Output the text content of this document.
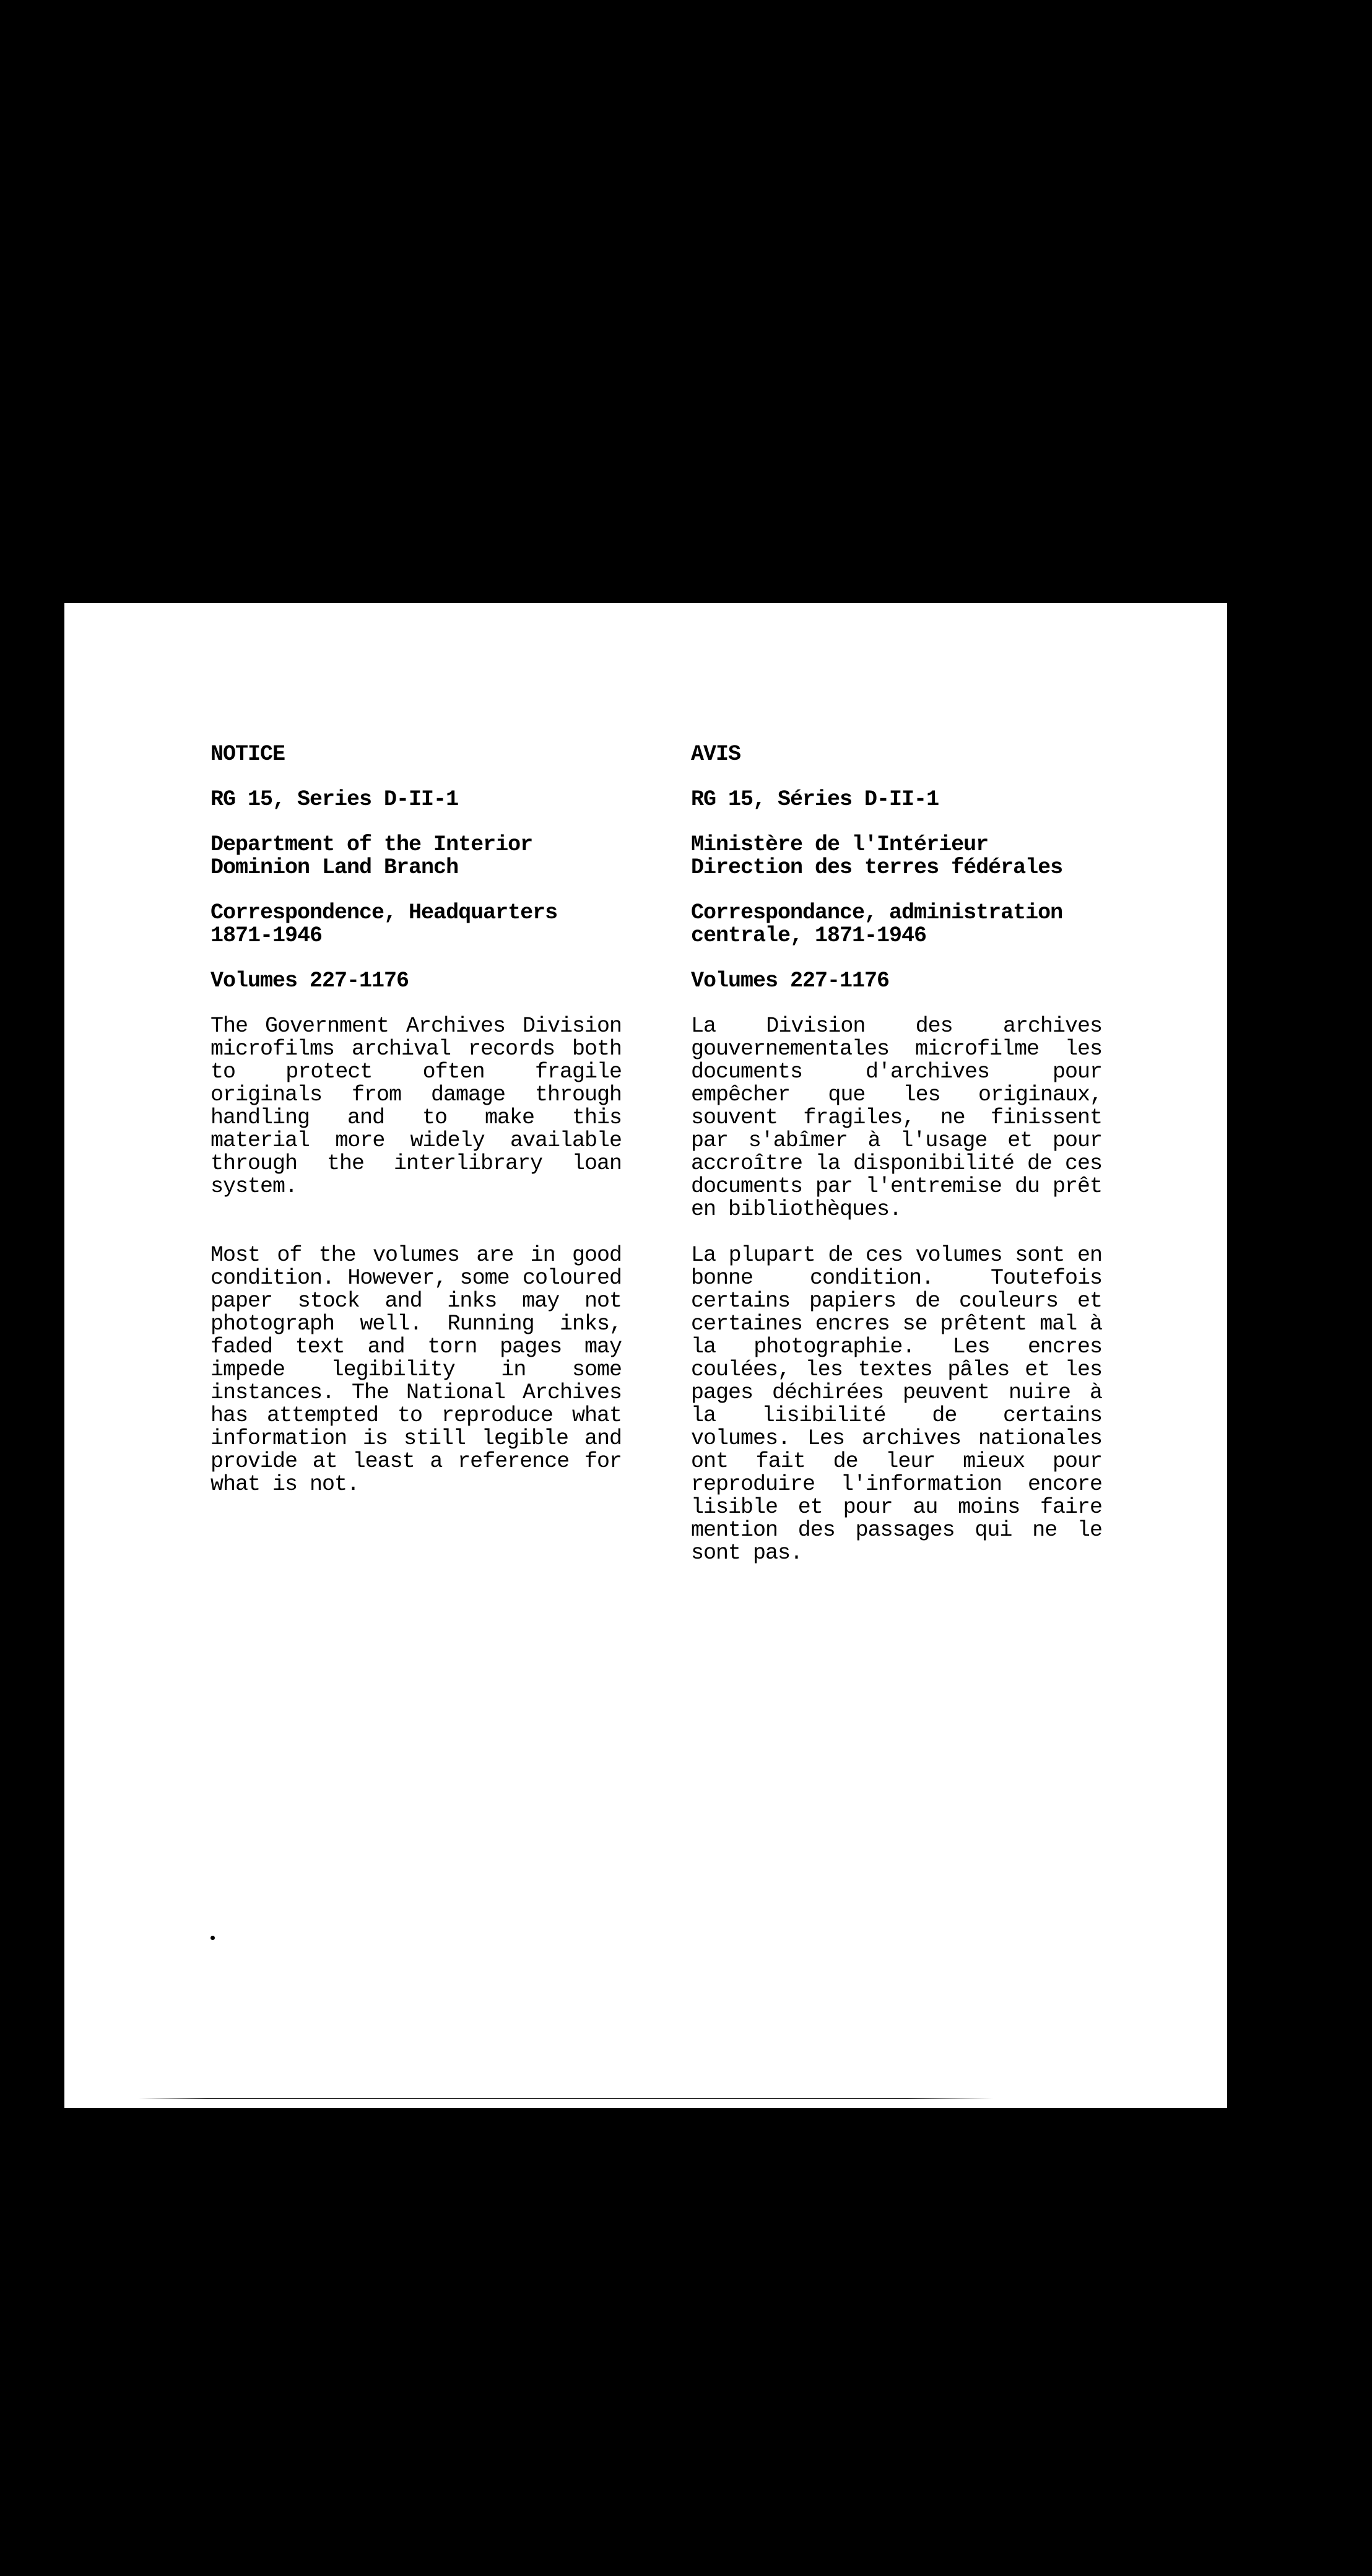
NOTICE

RG 15, Series D-II-1

Department of the Interior
Dominion Land Branch

Correspondence, Headquarters
1871-1946

Volumes 227-1176

The Government Archives Division microfilms archival records both to protect often fragile originals from damage through handling and to make this material more widely available through the interlibrary loan system.

Most of the volumes are in good condition. However, some coloured paper stock and inks may not photograph well. Running inks, faded text and torn pages may impede legibility in some instances. The National Archives has attempted to reproduce what information is still legible and provide at least a reference for what is not.

AVIS

RG 15, Séries D-II-1

Ministère de l'Intérieur
Direction des terres fédérales

Correspondance, administration
centrale, 1871-1946

Volumes 227-1176

La Division des archives gouvernementales microfilme les documents d'archives pour empêcher que les originaux, souvent fragiles, ne finissent par s'abîmer à l'usage et pour accroître la disponibilité de ces documents par l'entremise du prêt en bibliothèques.

La plupart de ces volumes sont en bonne condition. Toutefois certains papiers de couleurs et certaines encres se prêtent mal à la photographie. Les encres coulées, les textes pâles et les pages déchirées peuvent nuire à la lisibilité de certains volumes. Les archives nationales ont fait de leur mieux pour reproduire l'information encore lisible et pour au moins faire mention des passages qui ne le sont pas.
